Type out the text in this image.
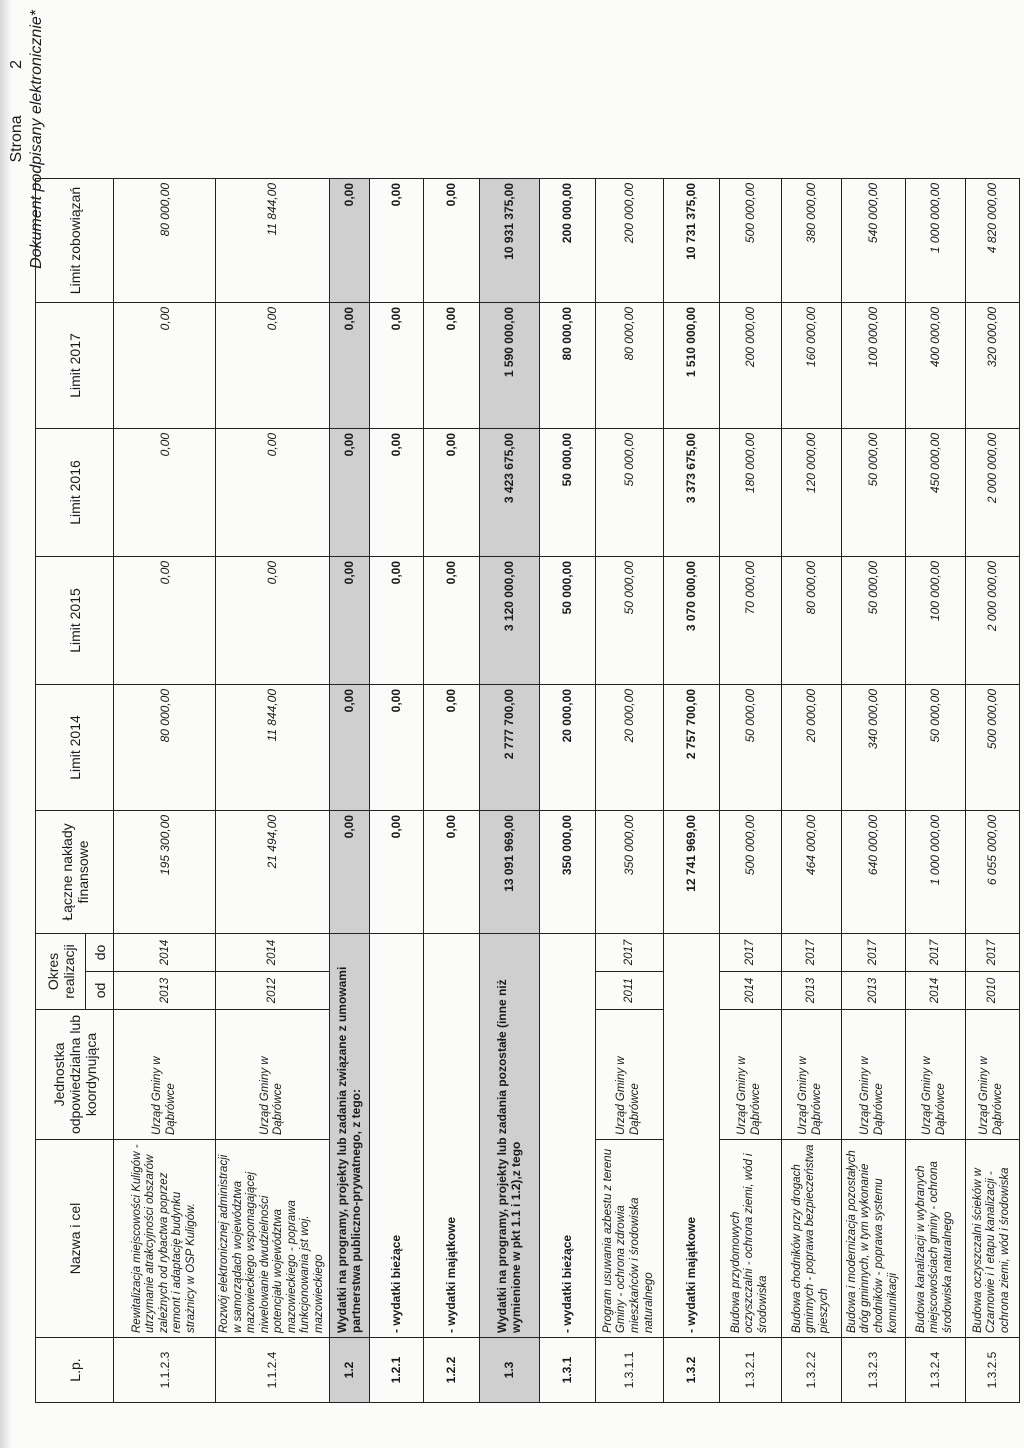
Strona 2 Dokument podpisany elektronicznie*
L.p.	Nazwa i cel	Jednostka odpowiedzialna lub koordynująca	Okres realizacji		Łączne nakłady finansowe	Limit 2014	Limit 2015	Limit 2016	Limit 2017	Limit zobowiązań
			od	do						
1.1.2.3	Rewitalizacja miejscowości Kuligów - utrzymanie atrakcyjności obszarów zależnych od rybactwa poprzez remont i adaptację budynku strażnicy w OSP Kuligów.	Urząd Gminy w Dąbrówce	2013	2014	195 300,00	80 000,00	0,00	0,00	0,00	80 000,00
1.1.2.4	Rozwój elektronicznej administracji w samorządach województwa mazowieckiego wspomagającej niwelowanie dwudzielności potencjału województwa mazowieckiego - poprawa funkcjonowania jst woj. mazowieckiego	Urząd Gminy w Dąbrówce	2012	2014	21 494,00	11 844,00	0,00	0,00	0,00	11 844,00
1.2	Wydatki na programy, projekty lub zadania związane z umowami partnerstwa publiczno-prywatnego, z tego:				0,00	0,00	0,00	0,00	0,00	0,00
1.2.1	- wydatki bieżące				0,00	0,00	0,00	0,00	0,00	0,00
1.2.2	- wydatki majątkowe				0,00	0,00	0,00	0,00	0,00	0,00
1.3	Wydatki na programy, projekty lub zadania pozostałe (inne niż wymienione w pkt 1.1 i 1.2),z tego				13 091 969,00	2 777 700,00	3 120 000,00	3 423 675,00	1 590 000,00	10 931 375,00
1.3.1	- wydatki bieżące				350 000,00	20 000,00	50 000,00	50 000,00	80 000,00	200 000,00
1.3.1.1	Program usuwania azbestu z terenu Gminy - ochrona zdrowia mieszkańców i środowiska naturalnego	Urząd Gminy w Dąbrówce	2011	2017	350 000,00	20 000,00	50 000,00	50 000,00	80 000,00	200 000,00
1.3.2	- wydatki majątkowe				12 741 969,00	2 757 700,00	3 070 000,00	3 373 675,00	1 510 000,00	10 731 375,00
1.3.2.1	Budowa przydomowych oczyszczalni - ochrona ziemi, wód i środowiska	Urząd Gminy w Dąbrówce	2014	2017	500 000,00	50 000,00	70 000,00	180 000,00	200 000,00	500 000,00
1.3.2.2	Budowa chodników przy drogach gminnych - poprawa bezpieczeństwa pieszych	Urząd Gminy w Dąbrówce	2013	2017	464 000,00	20 000,00	80 000,00	120 000,00	160 000,00	380 000,00
1.3.2.3	Budowa i modernizacja pozostałych dróg gminnych, w tym wykonanie chodników - poprawa systemu komunikacji	Urząd Gminy w Dąbrówce	2013	2017	640 000,00	340 000,00	50 000,00	50 000,00	100 000,00	540 000,00
1.3.2.4	Budowa kanalizacji w wybranych miejscowościach gminy - ochrona środowiska naturalnego	Urząd Gminy w Dąbrówce	2014	2017	1 000 000,00	50 000,00	100 000,00	450 000,00	400 000,00	1 000 000,00
1.3.2.5	Budowa oczyszczalni ścieków w Czarnowie i I etapu kanalizacji - ochrona ziemi, wód i środowiska	Urząd Gminy w Dąbrówce	2010	2017	6 055 000,00	500 000,00	2 000 000,00	2 000 000,00	320 000,00	4 820 000,00
